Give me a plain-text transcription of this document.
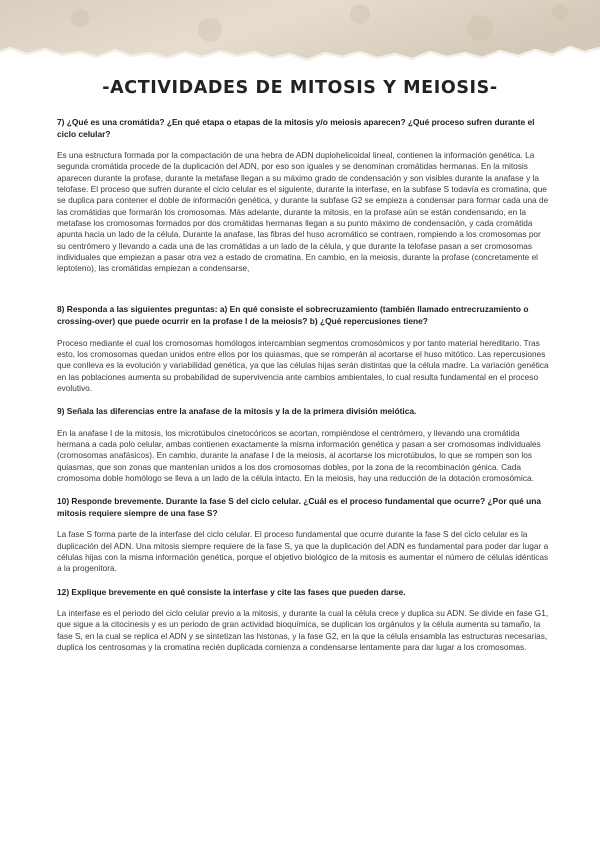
-ACTIVIDADES DE MITOSIS Y MEIOSIS-

7) ¿Qué es una cromátida? ¿En qué etapa o etapas de la mitosis y/o meiosis aparecen? ¿Qué proceso sufren durante el ciclo celular?

Es una estructura formada por la compactación de una hebra de ADN duplohelicoidal lineal, contienen la información genética. La segunda cromátida procede de la duplicación del ADN, por eso son iguales y se denominan cromátidas hermanas. En la mitosis aparecen durante la profase, durante la metafase llegan a su máximo grado de condensación y son visibles durante la anafase y la telofase. El proceso que sufren durante el ciclo celular es el siguiente, durante la interfase, en la subfase S todavía es cromatina, que se duplica para contener el doble de información genética, y durante la subfase G2 se empieza a condensar para formar cada una de las cromátidas que formarán los cromosomas. Más adelante, durante la mitosis, en la profase aún se están condensando, en la metafase los cromosomas formados por dos cromátidas hermanas llegan a su punto máximo de condensación, y cada cromátida apunta hacia un lado de la célula. Durante la anafase, las fibras del huso acromático se contraen, rompiendo a los cromosomas por su centrómero y llevando a cada una de las cromátidas a un lado de la célula, y que durante la telofase pasan a ser cromosomas individuales que empiezan a pasar otra vez a estado de cromatina. En cambio, en la meiosis, durante la profase (concretamente el leptoteno), las cromátidas empiezan a condensarse,

8) Responda a las siguientes preguntas: a) En qué consiste el sobrecruzamiento (también llamado entrecruzamiento o crossing-over) que puede ocurrir en la profase I de la meiosis? b) ¿Qué repercusiones tiene?

Proceso mediante el cual los cromosomas homólogos intercambian segmentos cromosómicos y por tanto material hereditario. Tras esto, los cromosomas quedan unidos entre ellos por los quiasmas, que se romperán al acortarse el huso mitótico. Las repercusiones que conlleva es la evolución y variabilidad genética, ya que las células hijas serán distintas que la célula madre. La variación genética en las poblaciones aumenta su probabilidad de supervivencia ante cambios ambientales, lo cual resulta fundamental en el proceso evolutivo.

9) Señala las diferencias entre la anafase de la mitosis y la de la primera división meiótica.

En la anafase I de la mitosis, los microtúbulos cinetocóricos se acortan, rompiéndose el centrómero, y llevando una cromátida hermana a cada polo celular, ambas contienen exactamente la misma información genética y pasan a ser cromosomas individuales (cromosomas anafásicos). En cambio, durante la anafase I de la meiosis, al acortarse los microtúbulos, lo que se rompen son los quiasmas, que son zonas que mantenían unidos a los dos cromosomas dobles, por la zona de la recombinación génica. Cada cromosoma doble homólogo se lleva a un lado de la célula intacto. En la meiosis, hay una reducción de la dotación cromosómica.

10) Responde brevemente. Durante la fase S del ciclo celular. ¿Cuál es el proceso fundamental que ocurre? ¿Por qué una mitosis requiere siempre de una fase S?

La fase S forma parte de la interfase del ciclo celular. El proceso fundamental que ocurre durante la fase S del ciclo celular es la duplicación del ADN. Una mitosis siempre requiere de la fase S, ya que la duplicación del ADN es fundamental para poder dar lugar a células hijas con la misma información genética, porque el objetivo biológico de la mitosis es aumentar el número de células idénticas a la progenitora.

12) Explique brevemente en qué consiste la interfase y cite las fases que pueden darse.

La interfase es el periodo del ciclo celular previo a la mitosis, y durante la cual la célula crece y duplica su ADN. Se divide en fase G1, que sigue a la citocinesis y es un periodo de gran actividad bioquímica, se duplican los orgánulos y la célula aumenta su tamaño, la fase S, en la cual se replica el ADN y se sintetizan las histonas, y la fase G2, en la que la célula ensambla las estructuras necesarias, duplica los centrosomas y la cromatina recién duplicada comienza a condensarse lentamente para dar lugar a los cromosomas.
